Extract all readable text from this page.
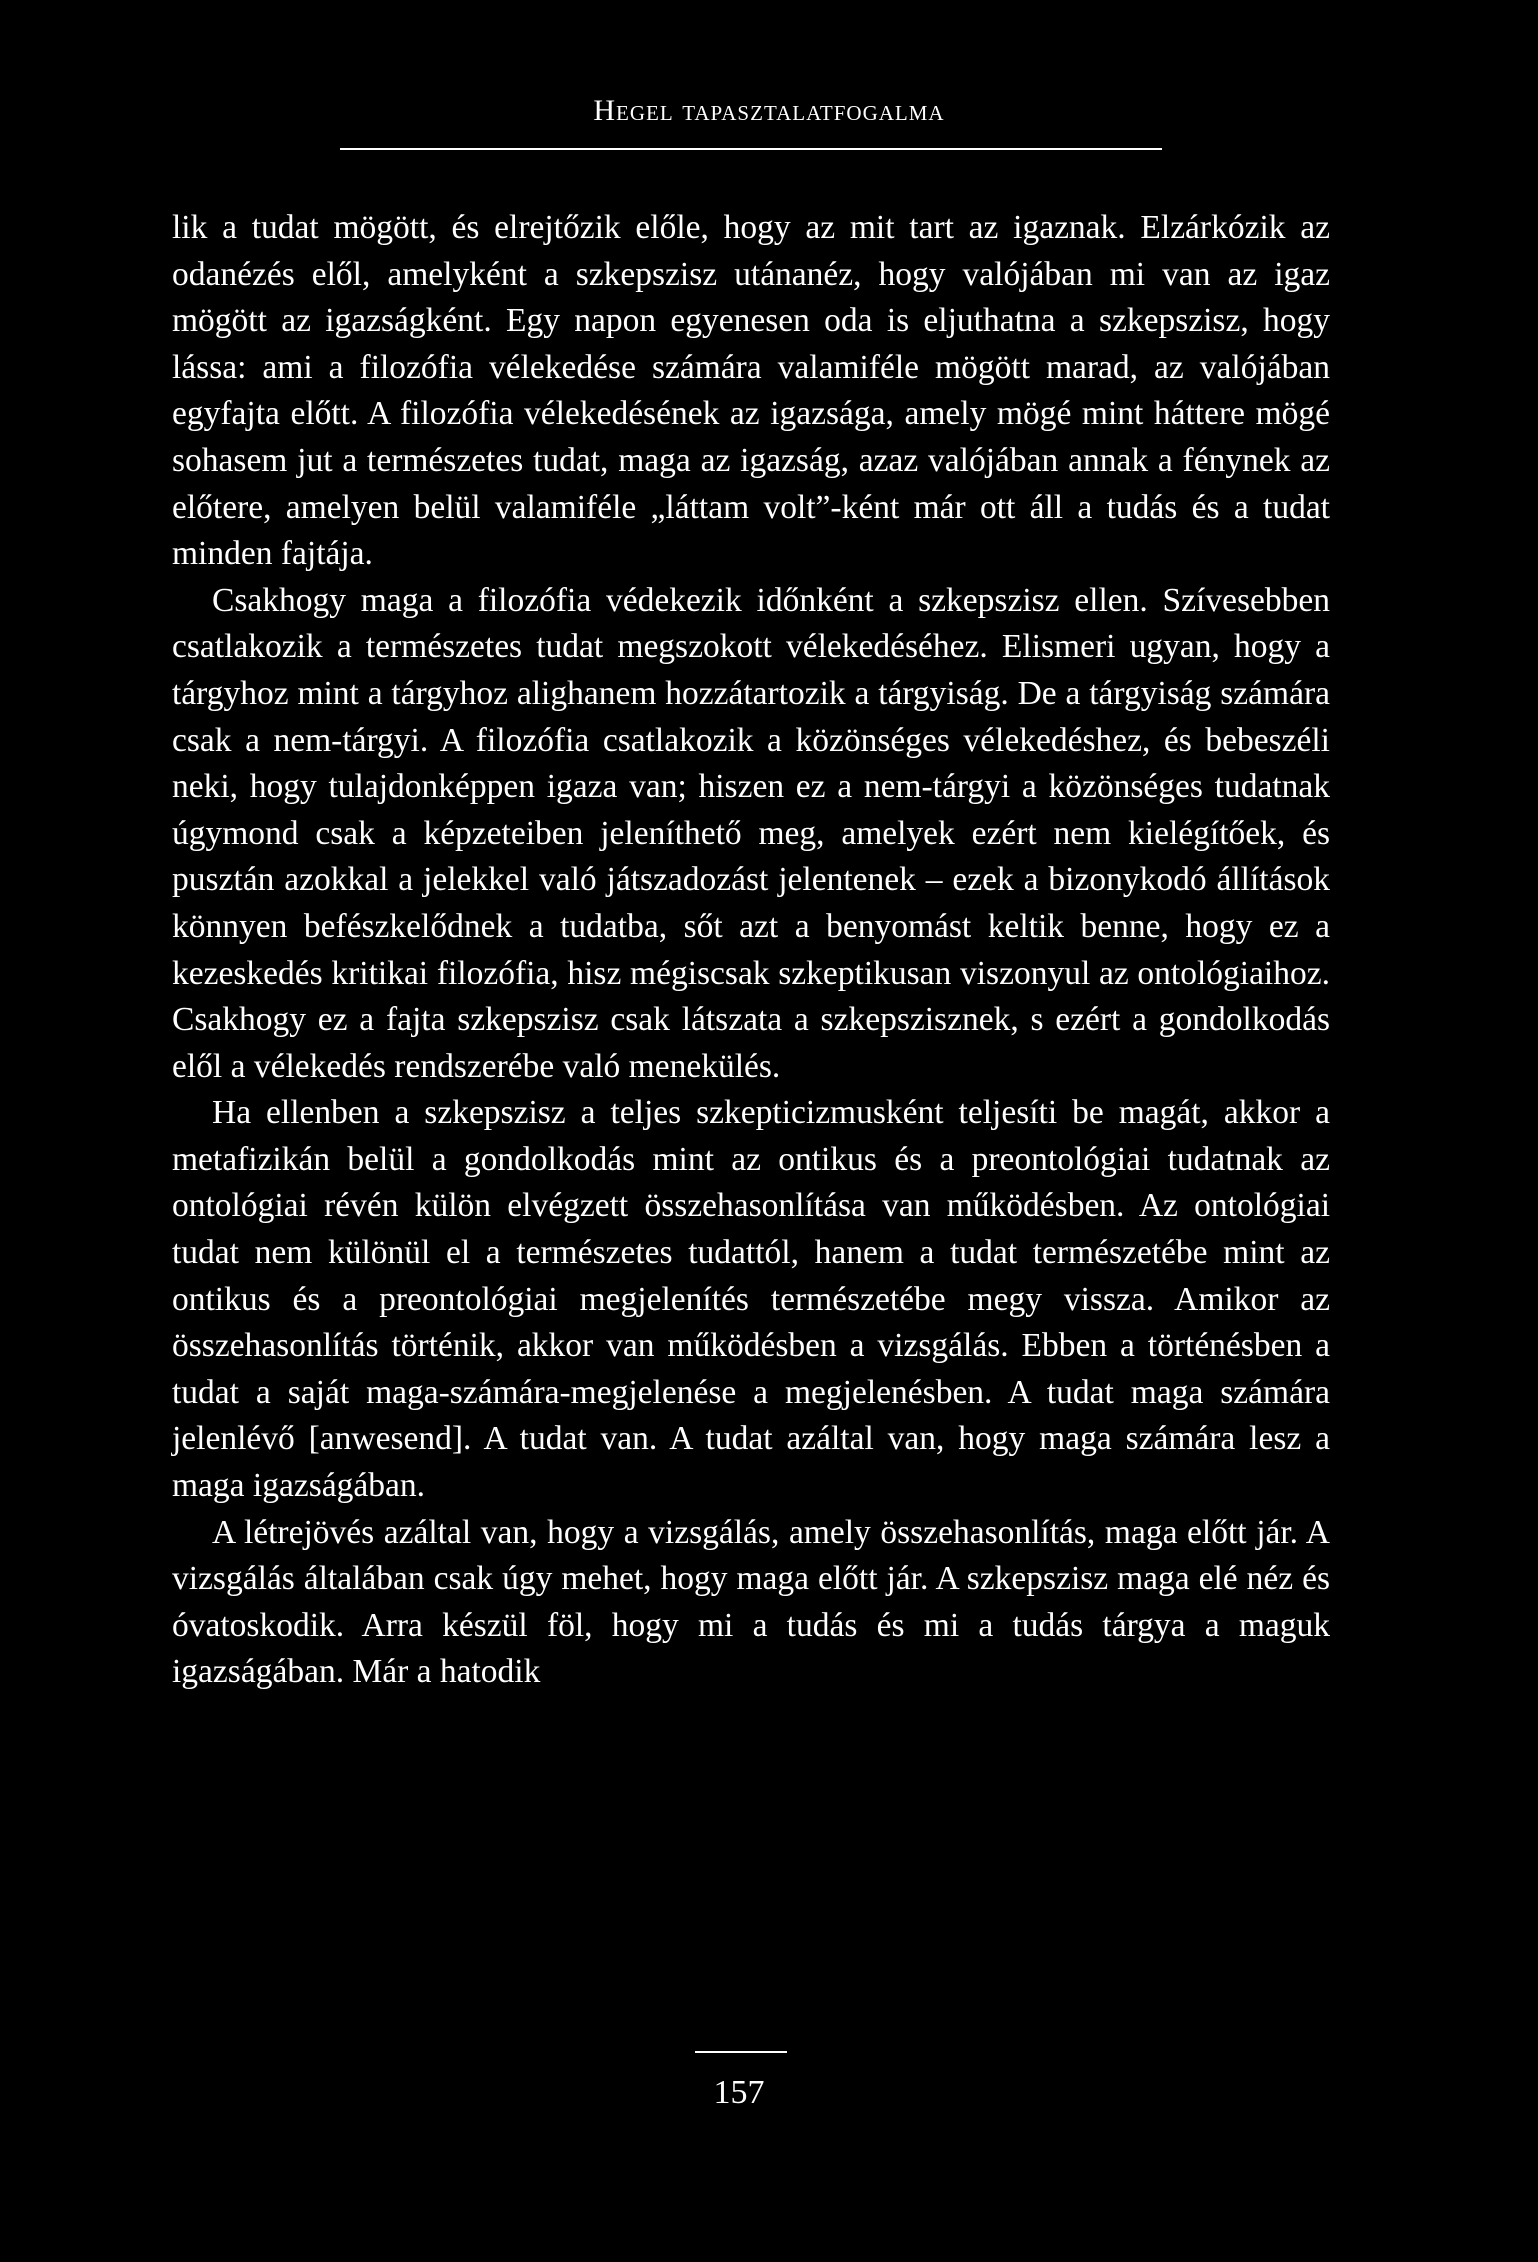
Hegel tapasztalatfogalma

lik a tudat mögött, és elrejtőzik előle, hogy az mit tart az igaznak. Elzárkózik az odanézés elől, amelyként a szkepszisz utánanéz, hogy valójában mi van az igaz mögött az igazságként. Egy napon egyenesen oda is eljuthatna a szkepszisz, hogy lássa: ami a filozófia vélekedése számára valamiféle mögött marad, az valójában egyfajta előtt. A filozófia vélekedésének az igazsága, amely mögé mint háttere mögé sohasem jut a természetes tudat, maga az igazság, azaz valójában annak a fénynek az előtere, amelyen belül valamiféle „láttam volt”-ként már ott áll a tudás és a tudat minden fajtája.

Csakhogy maga a filozófia védekezik időnként a szkepszisz ellen. Szívesebben csatlakozik a természetes tudat megszokott vélekedéséhez. Elismeri ugyan, hogy a tárgyhoz mint a tárgyhoz alighanem hozzátartozik a tárgyiság. De a tárgyiság számára csak a nem-tárgyi. A filozófia csatlakozik a közönséges vélekedéshez, és bebeszéli neki, hogy tulajdonképpen igaza van; hiszen ez a nem-tárgyi a közönséges tudatnak úgymond csak a képzeteiben jeleníthető meg, amelyek ezért nem kielégítőek, és pusztán azokkal a jelekkel való játszadozást jelentenek – ezek a bizonykodó állítások könnyen befészkelődnek a tudatba, sőt azt a benyomást keltik benne, hogy ez a kezeskedés kritikai filozófia, hisz mégiscsak szkeptikusan viszonyul az ontológiaihoz. Csakhogy ez a fajta szkepszisz csak látszata a szkepszisznek, s ezért a gondolkodás elől a vélekedés rendszerébe való menekülés.

Ha ellenben a szkepszisz a teljes szkepticizmusként teljesíti be magát, akkor a metafizikán belül a gondolkodás mint az ontikus és a preontológiai tudatnak az ontológiai révén külön elvégzett összehasonlítása van működésben. Az ontológiai tudat nem különül el a természetes tudattól, hanem a tudat természetébe mint az ontikus és a preontológiai megjelenítés természetébe megy vissza. Amikor az összehasonlítás történik, akkor van működésben a vizsgálás. Ebben a történésben a tudat a saját maga-számára-megjelenése a megjelenésben. A tudat maga számára jelenlévő [anwesend]. A tudat van. A tudat azáltal van, hogy maga számára lesz a maga igazságában.

A létrejövés azáltal van, hogy a vizsgálás, amely összehasonlítás, maga előtt jár. A vizsgálás általában csak úgy mehet, hogy maga előtt jár. A szkepszisz maga elé néz és óvatoskodik. Arra készül föl, hogy mi a tudás és mi a tudás tárgya a maguk igazságában. Már a hatodik

157
